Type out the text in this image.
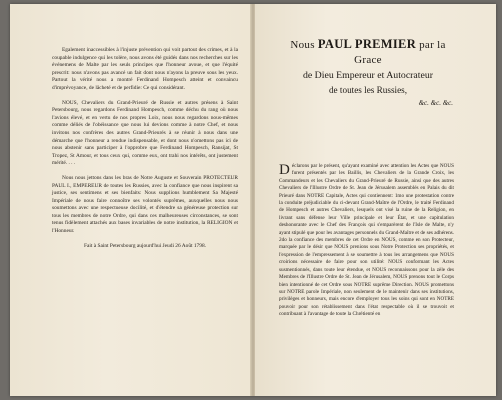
Egalement inaccessibles à l'injuste prévention qui voit partout des crimes, et à la coupable indulgence qui les tolère, nous avons été guidés dans nos recherches sur les événemens de Malte par les seuls principes que l'honneur avoue, et que l'équité prescrit: nous n'avons pas avancé un fait dont nous n'ayons la preuve sous les yeux. Partout la vérité nous a montré Ferdinand Hompesch atteint et convaincu d'imprévoyance, de lâcheté et de perfidie: Ce qui considérant.

NOUS, Chevaliers du Grand-Prieuré de Russie et autres présens à Saint Petersbourg, nous regardons Ferdinand Hompesch, comme déchu du rang où nous l'avions élevé, et en vertu de nos propres Loix, nous nous regardons nous-mêmes comme déliés de l'obéissance que nous lui devions comme à notre Chef, et nous invitons nos confrères des autres Grand-Prieurés à se réunir à nous dans une démarche que l'honneur a rendue indispensable, et dont nous n'omettons pas ici de nous abstenir sans participer à l'opprobre que Ferdinand Hompesch, Ransijat, St Tropez, St Amour, et tous ceux qui, comme eux, ont trahi nos intérêts, ont justement mérité. . . .

Nous nous jettons dans les bras de Notre Auguste et Souverain PROTECTEUR PAUL I., EMPEREUR de toutes les Russies, avec la confiance que nous inspirent sa justice, ses sentimens et ses bienfaits: Nous supplions humblement Sa Majesté Impériale de nous faire connoître ses volontés suprêmes, auxquelles nous nous soumettons avec une respectueuse docilité, et d'étendre sa généreuse protection sur tous les membres de notre Ordre, qui dans ces malheureuses circonstances, se sont tenus fidèlement attachés aux bases invariables de notre institution, la RELIGION et l'Honneur.

Fait à Saint Petersbourg aujourd'hui Jeudi 26 Août 1798.

Nous PAUL PREMIER par la Grace
de Dieu Empereur et Autocrateur
de toutes les Russies,
&c. &c. &c.
Déclarons par le présent, qu'ayant examiné avec attention les Actes que NOUS furent présentés par les Baillis, les Chevaliers de la Grande Croix, les Commandeurs et les Chevaliers du Grand-Prieuré de Russie, ainsi que des autres Chevaliers de l'Illustre Ordre de St. Jean de Jérusalem assemblés en Palais du dit Prieuré dans NOTRE Capitale, Actes qui contiennent: 1mo une protestation contre la conduite préjudiciable du ci-devant Grand-Maître de l'Ordre, le traité Ferdinand de Hompesch et autres Chevaliers, lesquels ont visé la ruine de la Religion, en livrant sans défense leur Ville principale et leur État, et une capitulation deshonorante avec le Chef des François qui s'emparèrent de l'Isle de Malte, n'y ayant stipulé que pour les avantages personnels du Grand-Maître et de ses adhérens. 2do la confiance des membres de cet Ordre en NOUS, comme en son Protecteur, marquée par le désir que NOUS prenions sous Notre Protection ses propriétés, et l'expression de l'empressement à se soumettre à tous les arrangemens que NOUS croirions nécessaire de faire pour son utilité: NOUS conformant les Actes susmentionnés, dans toute leur étendue, et NOUS reconnaissons pour la zèle des Membres de l'Illustre Ordre de St. Jean de Jérusalem, NOUS prenons tout le Corps bien intentionné de cet Ordre sous NOTRE suprême Direction. NOUS promettons sur NOTRE parole Impériale, non seulement de le maintenir dans ses institutions, privilèges et honneurs, mais encore d'employer tous les soins qui sont en NOTRE pouvoir pour son rétablissement dans l'état respectable où il se trouvoit et contribuant à l'avantage de toute la Chrétienté en
